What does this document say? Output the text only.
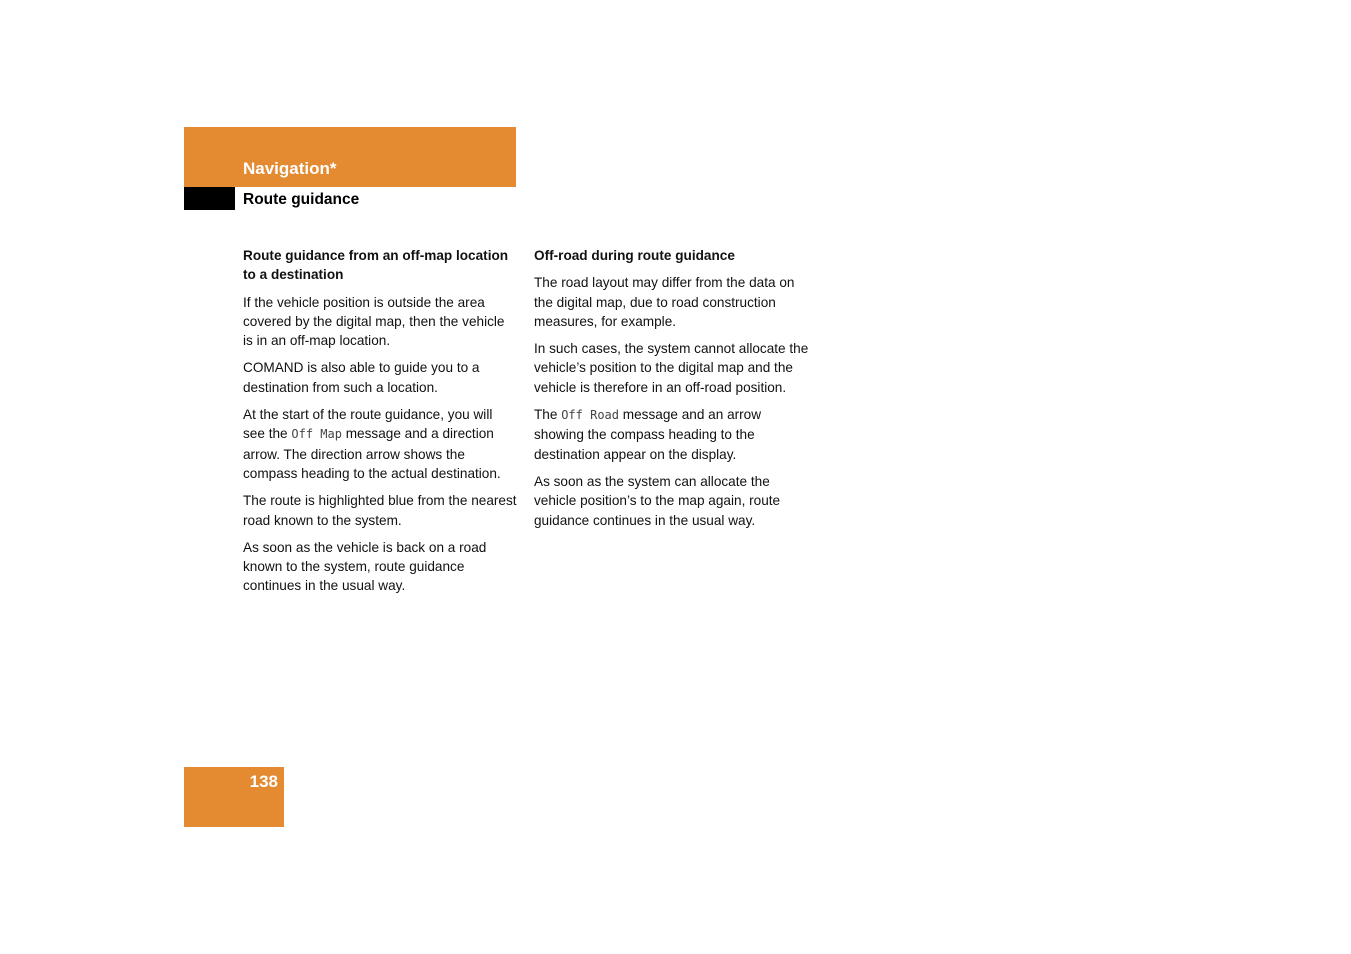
Navigation*
Route guidance
Route guidance from an off-map location to a destination

If the vehicle position is outside the area covered by the digital map, then the vehicle is in an off-map location.

COMAND is also able to guide you to a destination from such a location.

At the start of the route guidance, you will see the Off Map message and a direction arrow. The direction arrow shows the compass heading to the actual destination.

The route is highlighted blue from the nearest road known to the system.

As soon as the vehicle is back on a road known to the system, route guidance continues in the usual way.

Off-road during route guidance

The road layout may differ from the data on the digital map, due to road construction measures, for example.

In such cases, the system cannot allocate the vehicle’s position to the digital map and the vehicle is therefore in an off-road position.

The Off Road message and an arrow showing the compass heading to the destination appear on the display.

As soon as the system can allocate the vehicle position’s to the map again, route guidance continues in the usual way.

138
